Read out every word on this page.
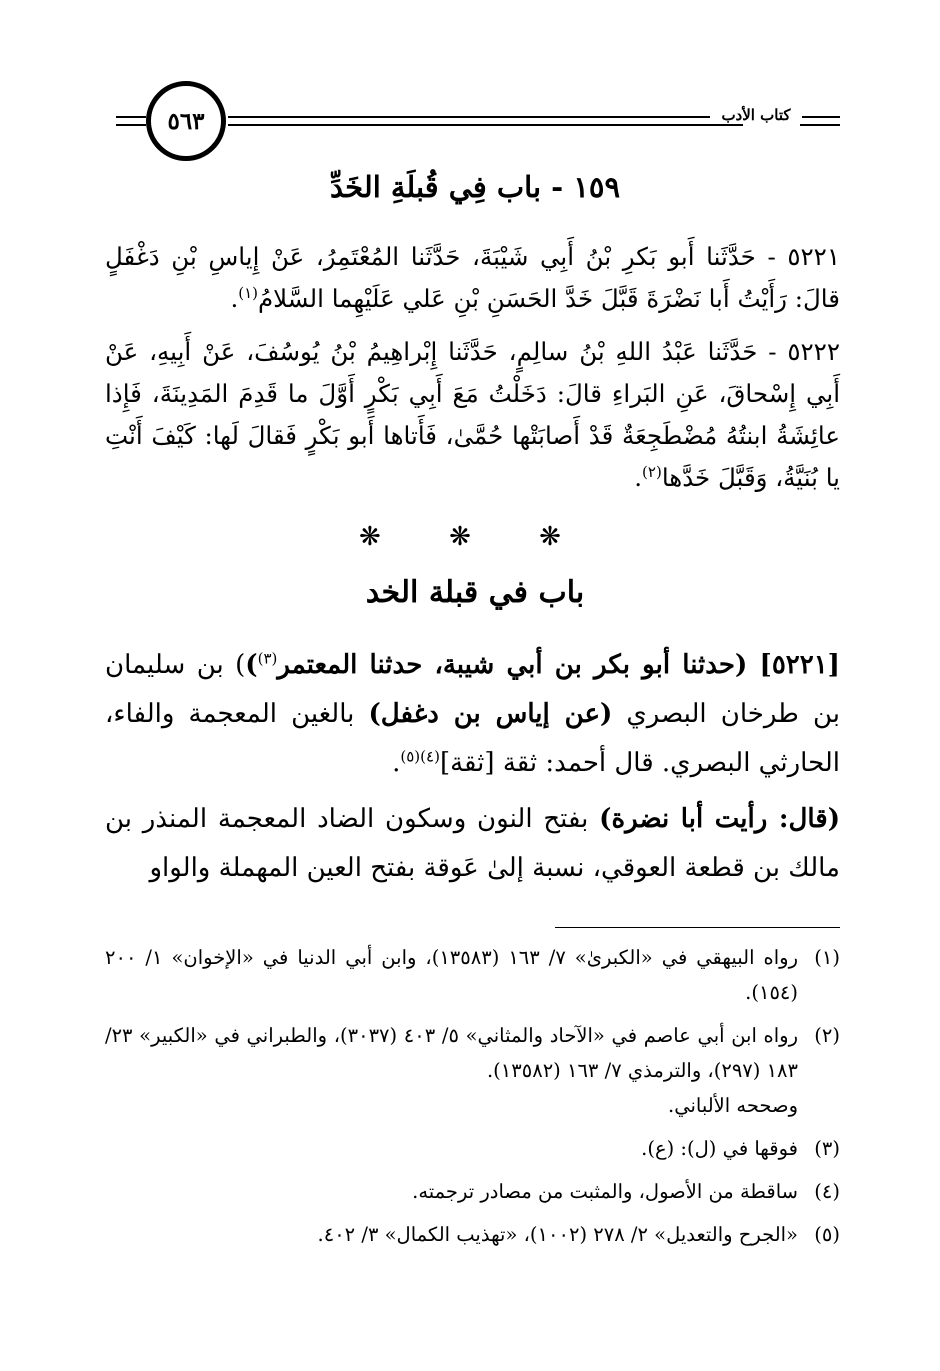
٥٦٣	كتاب الأدب
١٥٩ - باب فِي قُبلَةِ الخَدِّ
٥٢٢١ - حَدَّثَنا أَبو بَكرِ بْنُ أَبِي شَيْبَةَ، حَدَّثَنا المُعْتَمِرُ، عَنْ إِياسِ بْنِ دَغْفَلٍ قالَ: رَأَيْتُ أَبا نَضْرَةَ قَبَّلَ خَدَّ الحَسَنِ بْنِ عَلي عَلَيْهِما السَّلامُ$^{(١)}$.
٥٢٢٢ - حَدَّثَنا عَبْدُ اللهِ بْنُ سالِمٍ، حَدَّثَنا إِبْراهِيمُ بْنُ يُوسُفَ، عَنْ أَبِيهِ، عَنْ أَبِي إِسْحاقَ، عَنِ البَراءِ قالَ: دَخَلْتُ مَعَ أَبِي بَكْرٍ أَوَّلَ ما قَدِمَ المَدِينَةَ، فَإِذا عائِشَةُ ابنتُهُ مُضْطَجِعَةٌ قَدْ أَصابَتْها حُمَّىٰ، فَأَتاها أَبو بَكْرٍ فَقالَ لَها: كَيْفَ أَنْتِ يا بُنَيَّةُ، وَقَبَّلَ خَدَّها$^{(٢)}$.
❋ ❋ ❋
باب في قبلة الخد
[٥٢٢١] (حدثنا أبو بكر بن أبي شيبة، حدثنا المعتمر$^{(٣)}$)) بن سليمان بن طرخان البصري (عن إياس بن دغفل) بالغين المعجمة والفاء، الحارثي البصري. قال أحمد: ثقة [ثقة]$^{(٤)(٥)}$.
(قال: رأيت أبا نضرة) بفتح النون وسكون الضاد المعجمة المنذر بن مالك بن قطعة العوقي، نسبة إلىٰ عَوقة بفتح العين المهملة والواو
(١)
رواه البيهقي في «الكبرىٰ» ٧/ ١٦٣ (١٣٥٨٣)، وابن أبي الدنيا في «الإخوان» ١/ ٢٠٠ (١٥٤).
(٢)
رواه ابن أبي عاصم في «الآحاد والمثاني» ٥/ ٤٠٣ (٣٠٣٧)، والطبراني في «الكبير» ٢٣/ ١٨٣ (٢٩٧)، والترمذي ٧/ ١٦٣ (١٣٥٨٢).
وصححه الألباني.
(٣)
فوقها في (ل): (ع).
(٤)
ساقطة من الأصول، والمثبت من مصادر ترجمته.
(٥)
«الجرح والتعديل» ٢/ ٢٧٨ (١٠٠٢)، «تهذيب الكمال» ٣/ ٤٠٢.
